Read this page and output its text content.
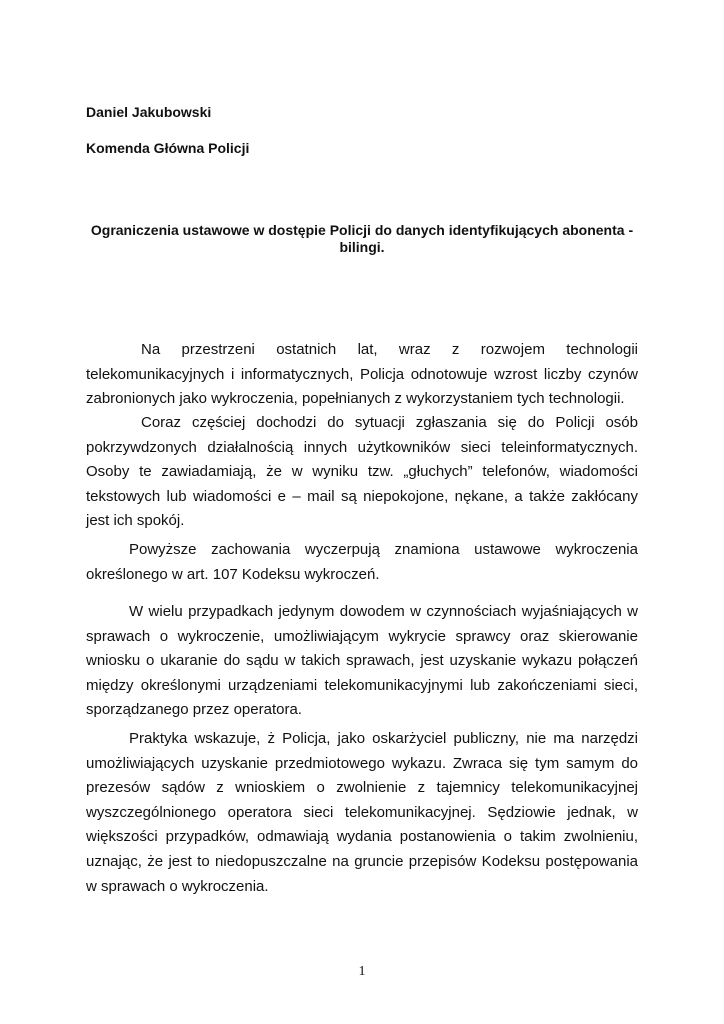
Daniel Jakubowski
Komenda Główna Policji
Ograniczenia ustawowe w dostępie Policji do danych identyfikujących abonenta - bilingi.

Na przestrzeni ostatnich lat, wraz z rozwojem technologii telekomunikacyjnych i informatycznych, Policja odnotowuje wzrost liczby czynów zabronionych jako wykroczenia, popełnianych z wykorzystaniem tych technologii.

Coraz częściej dochodzi do sytuacji zgłaszania się do Policji osób pokrzywdzonych działalnością innych użytkowników sieci teleinformatycznych. Osoby te zawiadamiają, że w wyniku tzw. „głuchych” telefonów, wiadomości tekstowych lub wiadomości e – mail są niepokojone, nękane, a także zakłócany jest ich spokój.

Powyższe zachowania wyczerpują znamiona ustawowe wykroczenia określonego w art. 107 Kodeksu wykroczeń.

W wielu przypadkach jedynym dowodem w czynnościach wyjaśniających w sprawach o wykroczenie, umożliwiającym wykrycie sprawcy oraz skierowanie wniosku o ukaranie do sądu w takich sprawach, jest uzyskanie wykazu połączeń między określonymi urządzeniami telekomunikacyjnymi lub zakończeniami sieci, sporządzanego przez operatora.

Praktyka wskazuje, ż Policja, jako oskarżyciel publiczny, nie ma narzędzi umożliwiających uzyskanie przedmiotowego wykazu. Zwraca się tym samym do prezesów sądów z wnioskiem o zwolnienie z tajemnicy telekomunikacyjnej wyszczególnionego operatora sieci telekomunikacyjnej. Sędziowie jednak, w większości przypadków, odmawiają wydania postanowienia o takim zwolnieniu, uznając, że jest to niedopuszczalne na gruncie przepisów Kodeksu postępowania w sprawach o wykroczenia.

1
